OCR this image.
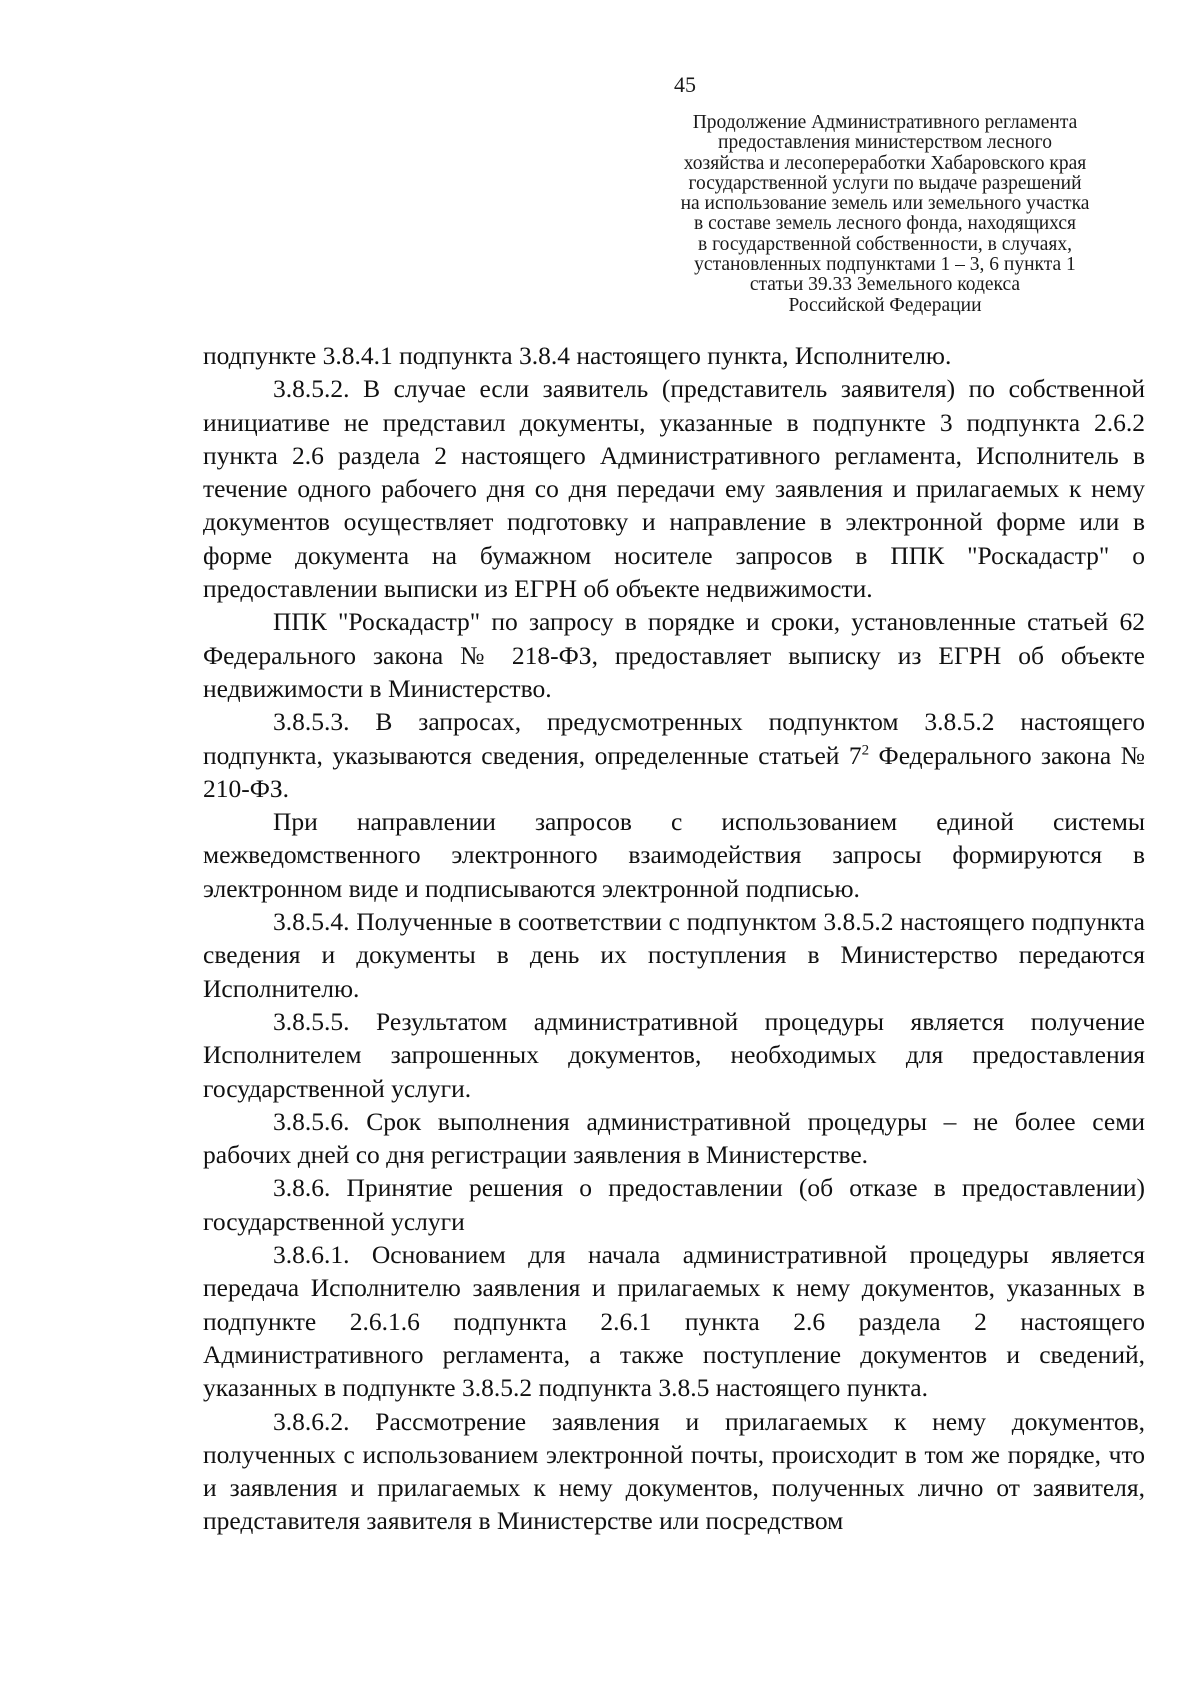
45
Продолжение Административного регламента
предоставления министерством лесного
хозяйства и лесопереработки Хабаровского края
государственной услуги по выдаче разрешений
на использование земель или земельного участка
в составе земель лесного фонда, находящихся
в государственной собственности, в случаях,
установленных подпунктами 1 – 3, 6 пункта 1
статьи 39.33 Земельного кодекса
Российской Федерации

подпункте 3.8.4.1 подпункта 3.8.4 настоящего пункта, Исполнителю.

3.8.5.2. В случае если заявитель (представитель заявителя) по собственной инициативе не представил документы, указанные в подпункте 3 подпункта 2.6.2 пункта 2.6 раздела 2 настоящего Административного регламента, Исполнитель в течение одного рабочего дня со дня передачи ему заявления и прилагаемых к нему документов осуществляет подготовку и направление в электронной форме или в форме документа на бумажном носителе запросов в ППК "Роскадастр" о предоставлении выписки из ЕГРН об объекте недвижимости.

ППК "Роскадастр" по запросу в порядке и сроки, установленные статьей 62 Федерального закона № 218-ФЗ, предоставляет выписку из ЕГРН об объекте недвижимости в Министерство.

3.8.5.3. В запросах, предусмотренных подпунктом 3.8.5.2 настоящего подпункта, указываются сведения, определенные статьей $7^2$ Федерального закона № 210-ФЗ.

При направлении запросов с использованием единой системы межведомственного электронного взаимодействия запросы формируются в электронном виде и подписываются электронной подписью.

3.8.5.4. Полученные в соответствии с подпунктом 3.8.5.2 настоящего подпункта сведения и документы в день их поступления в Министерство передаются Исполнителю.

3.8.5.5. Результатом административной процедуры является получение Исполнителем запрошенных документов, необходимых для предоставления государственной услуги.

3.8.5.6. Срок выполнения административной процедуры – не более семи рабочих дней со дня регистрации заявления в Министерстве.

3.8.6. Принятие решения о предоставлении (об отказе в предоставлении) государственной услуги

3.8.6.1. Основанием для начала административной процедуры является передача Исполнителю заявления и прилагаемых к нему документов, указанных в подпункте 2.6.1.6 подпункта 2.6.1 пункта 2.6 раздела 2 настоящего Административного регламента, а также поступление документов и сведений, указанных в подпункте 3.8.5.2 подпункта 3.8.5 настоящего пункта.

3.8.6.2. Рассмотрение заявления и прилагаемых к нему документов, полученных с использованием электронной почты, происходит в том же порядке, что и заявления и прилагаемых к нему документов, полученных лично от заявителя, представителя заявителя в Министерстве или посредством
